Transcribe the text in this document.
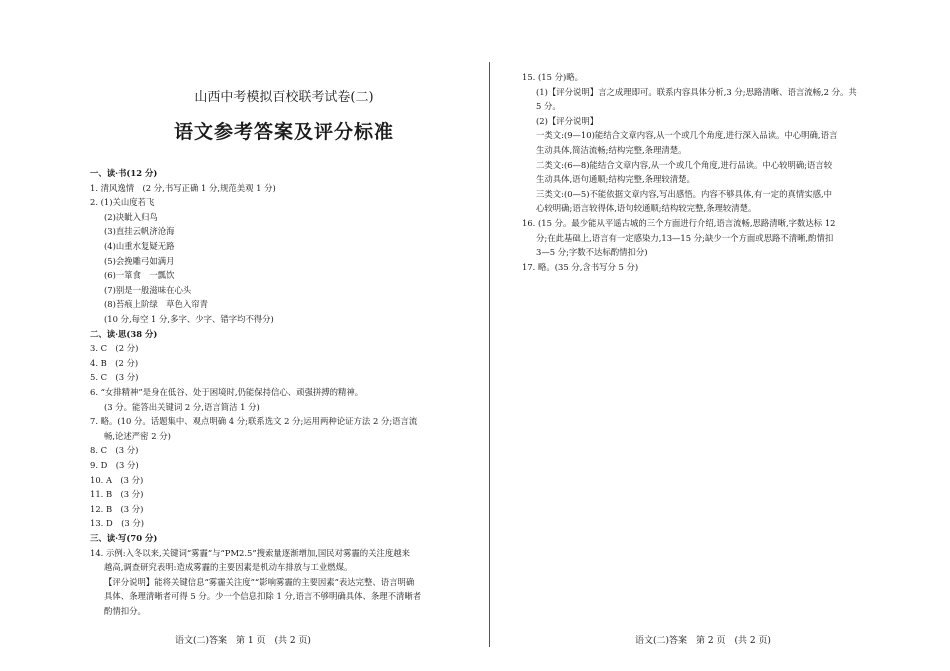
山西中考模拟百校联考试卷(二)
语文参考答案及评分标准
一、读·书(12 分)
1. 清风逸情　(2 分,书写正确 1 分,规范美观 1 分)
2. (1)关山度若飞
(2)决眦入归鸟
(3)直挂云帆济沧海
(4)山重水复疑无路
(5)会挽雕弓如满月
(6)一箪食　一瓢饮
(7)别是一般滋味在心头
(8)苔痕上阶绿　草色入帘青
(10 分,每空 1 分,多字、少字、错字均不得分)
二、读·思(38 分)
3. C　(2 分)
4. B　(2 分)
5. C　(3 分)
6. “女排精神”是身在低谷、处于困境时,仍能保持信心、顽强拼搏的精神。
(3 分。能答出关键词 2 分,语言简洁 1 分)
7. 略。(10 分。话题集中、观点明确 4 分;联系选文 2 分;运用两种论证方法 2 分;语言流
畅,论述严密 2 分)
8. C　(3 分)
9. D　(3 分)
10. A　(3 分)
11. B　(3 分)
12. B　(3 分)
13. D　(3 分)
三、读·写(70 分)
14. 示例:入冬以来,关键词“雾霾”与“PM2.5”搜索量逐渐增加,国民对雾霾的关注度越来
越高,调查研究表明:造成雾霾的主要因素是机动车排放与工业燃煤。
【评分说明】能将关键信息“雾霾关注度”“影响雾霾的主要因素”表达完整、语言明确
具体、条理清晰者可得 5 分。少一个信息扣除 1 分,语言不够明确具体、条理不清晰者
酌情扣分。
15. (15 分)略。
(1)【评分说明】言之成理即可。联系内容具体分析,3 分;思路清晰、语言流畅,2 分。共
5 分。
(2)【评分说明】
一类文:(9—10)能结合文章内容,从一个或几个角度,进行深入品读。中心明确,语言
生动具体,简洁流畅;结构完整,条理清楚。
二类文:(6—8)能结合文章内容,从一个或几个角度,进行品读。中心较明确;语言较
生动具体,语句通顺;结构完整,条理较清楚。
三类文:(0—5)不能依据文章内容,写出感悟。内容不够具体,有一定的真情实感,中
心较明确;语言较得体,语句较通顺;结构较完整,条理较清楚。
16. (15 分。最少能从平遥古城的三个方面进行介绍,语言流畅,思路清晰,字数达标 12
分;在此基础上,语言有一定感染力,13—15 分;缺少一个方面或思路不清晰,酌情扣
3—5 分;字数不达标酌情扣分)
17. 略。(35 分,含书写分 5 分)
语文(二)答案　第 1 页　(共 2 页)	语文(二)答案　第 2 页　(共 2 页)
